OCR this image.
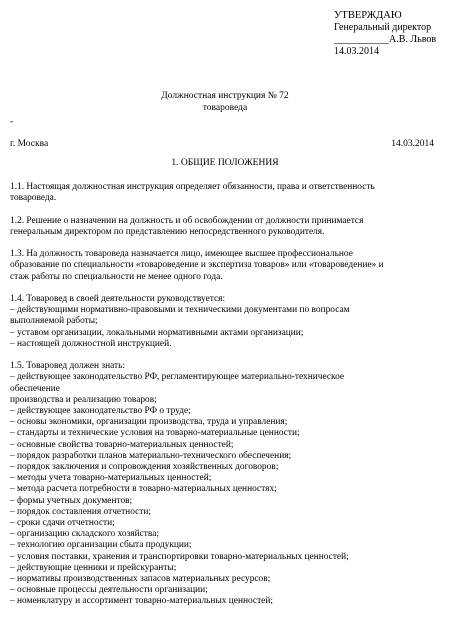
УТВЕРЖДАЮ
Генеральный директор
___________А.В. Львов
14.03.2014
Должностная инструкция № 72
товароведа
-
г. Москва	14.03.2014
1. ОБЩИЕ ПОЛОЖЕНИЯ
1.1. Настоящая должностная инструкция определяет обязанности, права и ответственность
товароведа.
1.2. Решение о назначении на должность и об освобождении от должности принимается
генеральным директором по представлению непосредственного руководителя.
1.3. На должность товароведа назначается лицо, имеющее высшее профессиональное
образование по специальности «товароведение и экспертиза товаров» или «товароведение» и
стаж работы по специальности не менее одного года.
1.4. Товаровед в своей деятельности руководствуется:
– действующими нормативно-правовыми и техническими документами по вопросам
выполняемой работы;
– уставом организации, локальными нормативными актами организации;
– настоящей должностной инструкцией.
1.5. Товаровед должен знать:
– действующее законодательство РФ, регламентирующее материально-техническое
обеспечение
производства и реализацию товаров;
– действующее законодательство РФ о труде;
– основы экономики, организации производства, труда и управления;
– стандарты и технические условия на товарно-материальные ценности;
– основные свойства товарно-материальных ценностей;
– порядок разработки планов материально-технического обеспечения;
– порядок заключения и сопровождения хозяйственных договоров;
– методы учета товарно-материальных ценностей;
– метода расчета потребности в товарно-материальных ценностях;
– формы учетных документов;
– порядок составления отчетности;
– сроки сдачи отчетности;
– организацию складского хозяйства;
– технологию организации сбыта продукции;
– условия поставки, хранения и транспортировки товарно-материальных ценностей;
– действующие ценники и прейскуранты;
– нормативы производственных запасов материальных ресурсов;
– основные процессы деятельности организации;
– номенклатуру и ассортимент товарно-материальных ценностей;
